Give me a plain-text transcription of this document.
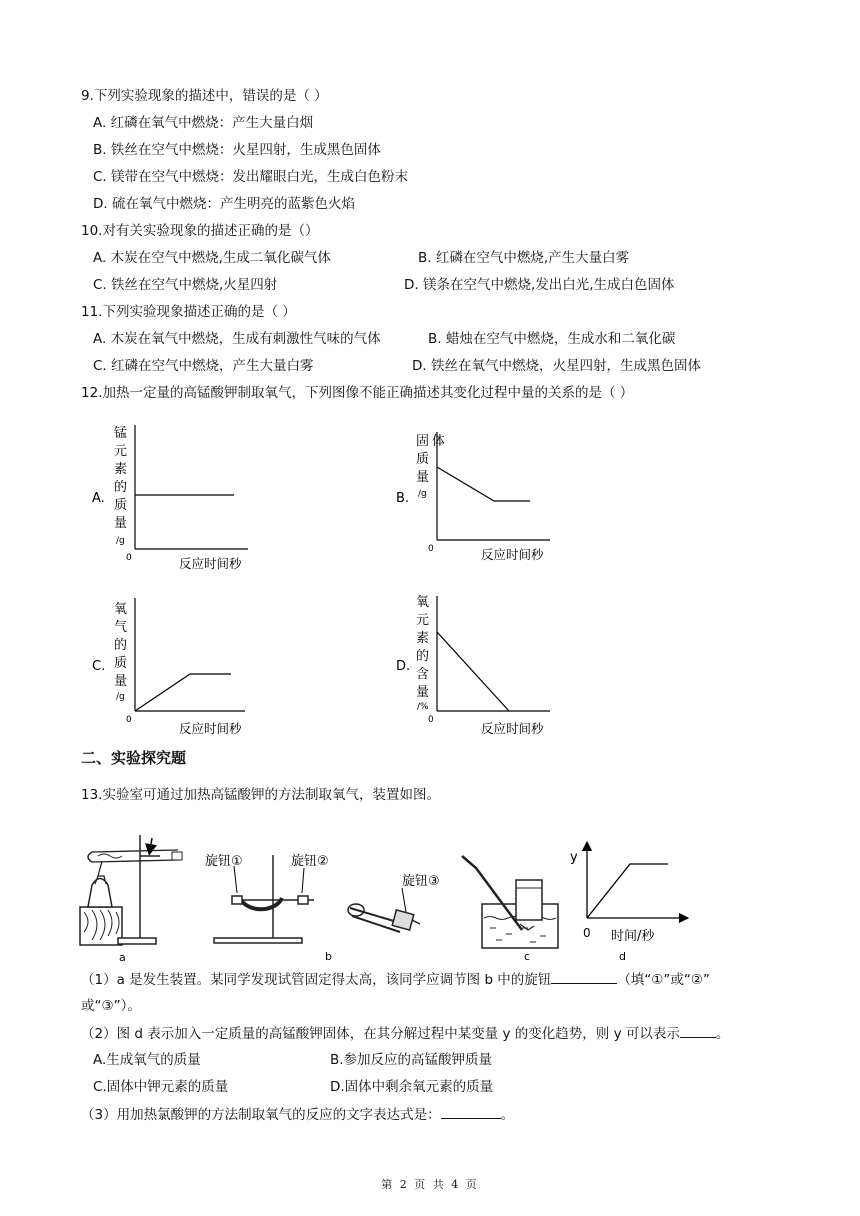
9.下列实验现象的描述中，错误的是（ ）
A. 红磷在氧气中燃烧：产生大量白烟
B. 铁丝在空气中燃烧：火星四射，生成黑色固体
C. 镁带在空气中燃烧：发出耀眼白光，生成白色粉末
D. 硫在氧气中燃烧：产生明亮的蓝紫色火焰
10.对有关实验现象的描述正确的是（）
A. 木炭在空气中燃烧,生成二氧化碳气体	B. 红磷在空气中燃烧,产生大量白雾
C. 铁丝在空气中燃烧,火星四射	D. 镁条在空气中燃烧,发出白光,生成白色固体
11.下列实验现象描述正确的是（ ）
A. 木炭在氧气中燃烧，生成有刺激性气味的气体	B. 蜡烛在空气中燃烧，生成水和二氧化碳
C. 红磷在空气中燃烧，产生大量白雾	D. 铁丝在氧气中燃烧，火星四射，生成黑色固体
12.加热一定量的高锰酸钾制取氧气，下列图像不能正确描述其变化过程中量的关系的是（ ）
A.
锰
元
素
的
质
量
/g
0	反应时间秒
B.
固 体
质
量
/g
0	反应时间秒
C.
氧
气
的
质
量
/g
0
反应时间秒
D.
氧
元
素
的
含
量
/%
0
反应时间秒
a
旋钮①	旋钮②
b
旋钮③
c
y
0 时间/秒
d
二、实验探究题
13.实验室可通过加热高锰酸钾的方法制取氧气，装置如图。
（1）a 是发生装置。某同学发现试管固定得太高，该同学应调节图 b 中的旋钮	（填“①”或“②”
或“③”）。
（2）图 d 表示加入一定质量的高锰酸钾固体，在其分解过程中某变量 y 的变化趋势，则 y 可以表示	。
A.生成氧气的质量	B.参加反应的高锰酸钾质量
C.固体中钾元素的质量	D.固体中剩余氧元素的质量
（3）用加热氯酸钾的方法制取氧气的反应的文字表达式是：	。
第 2 页 共 4 页
